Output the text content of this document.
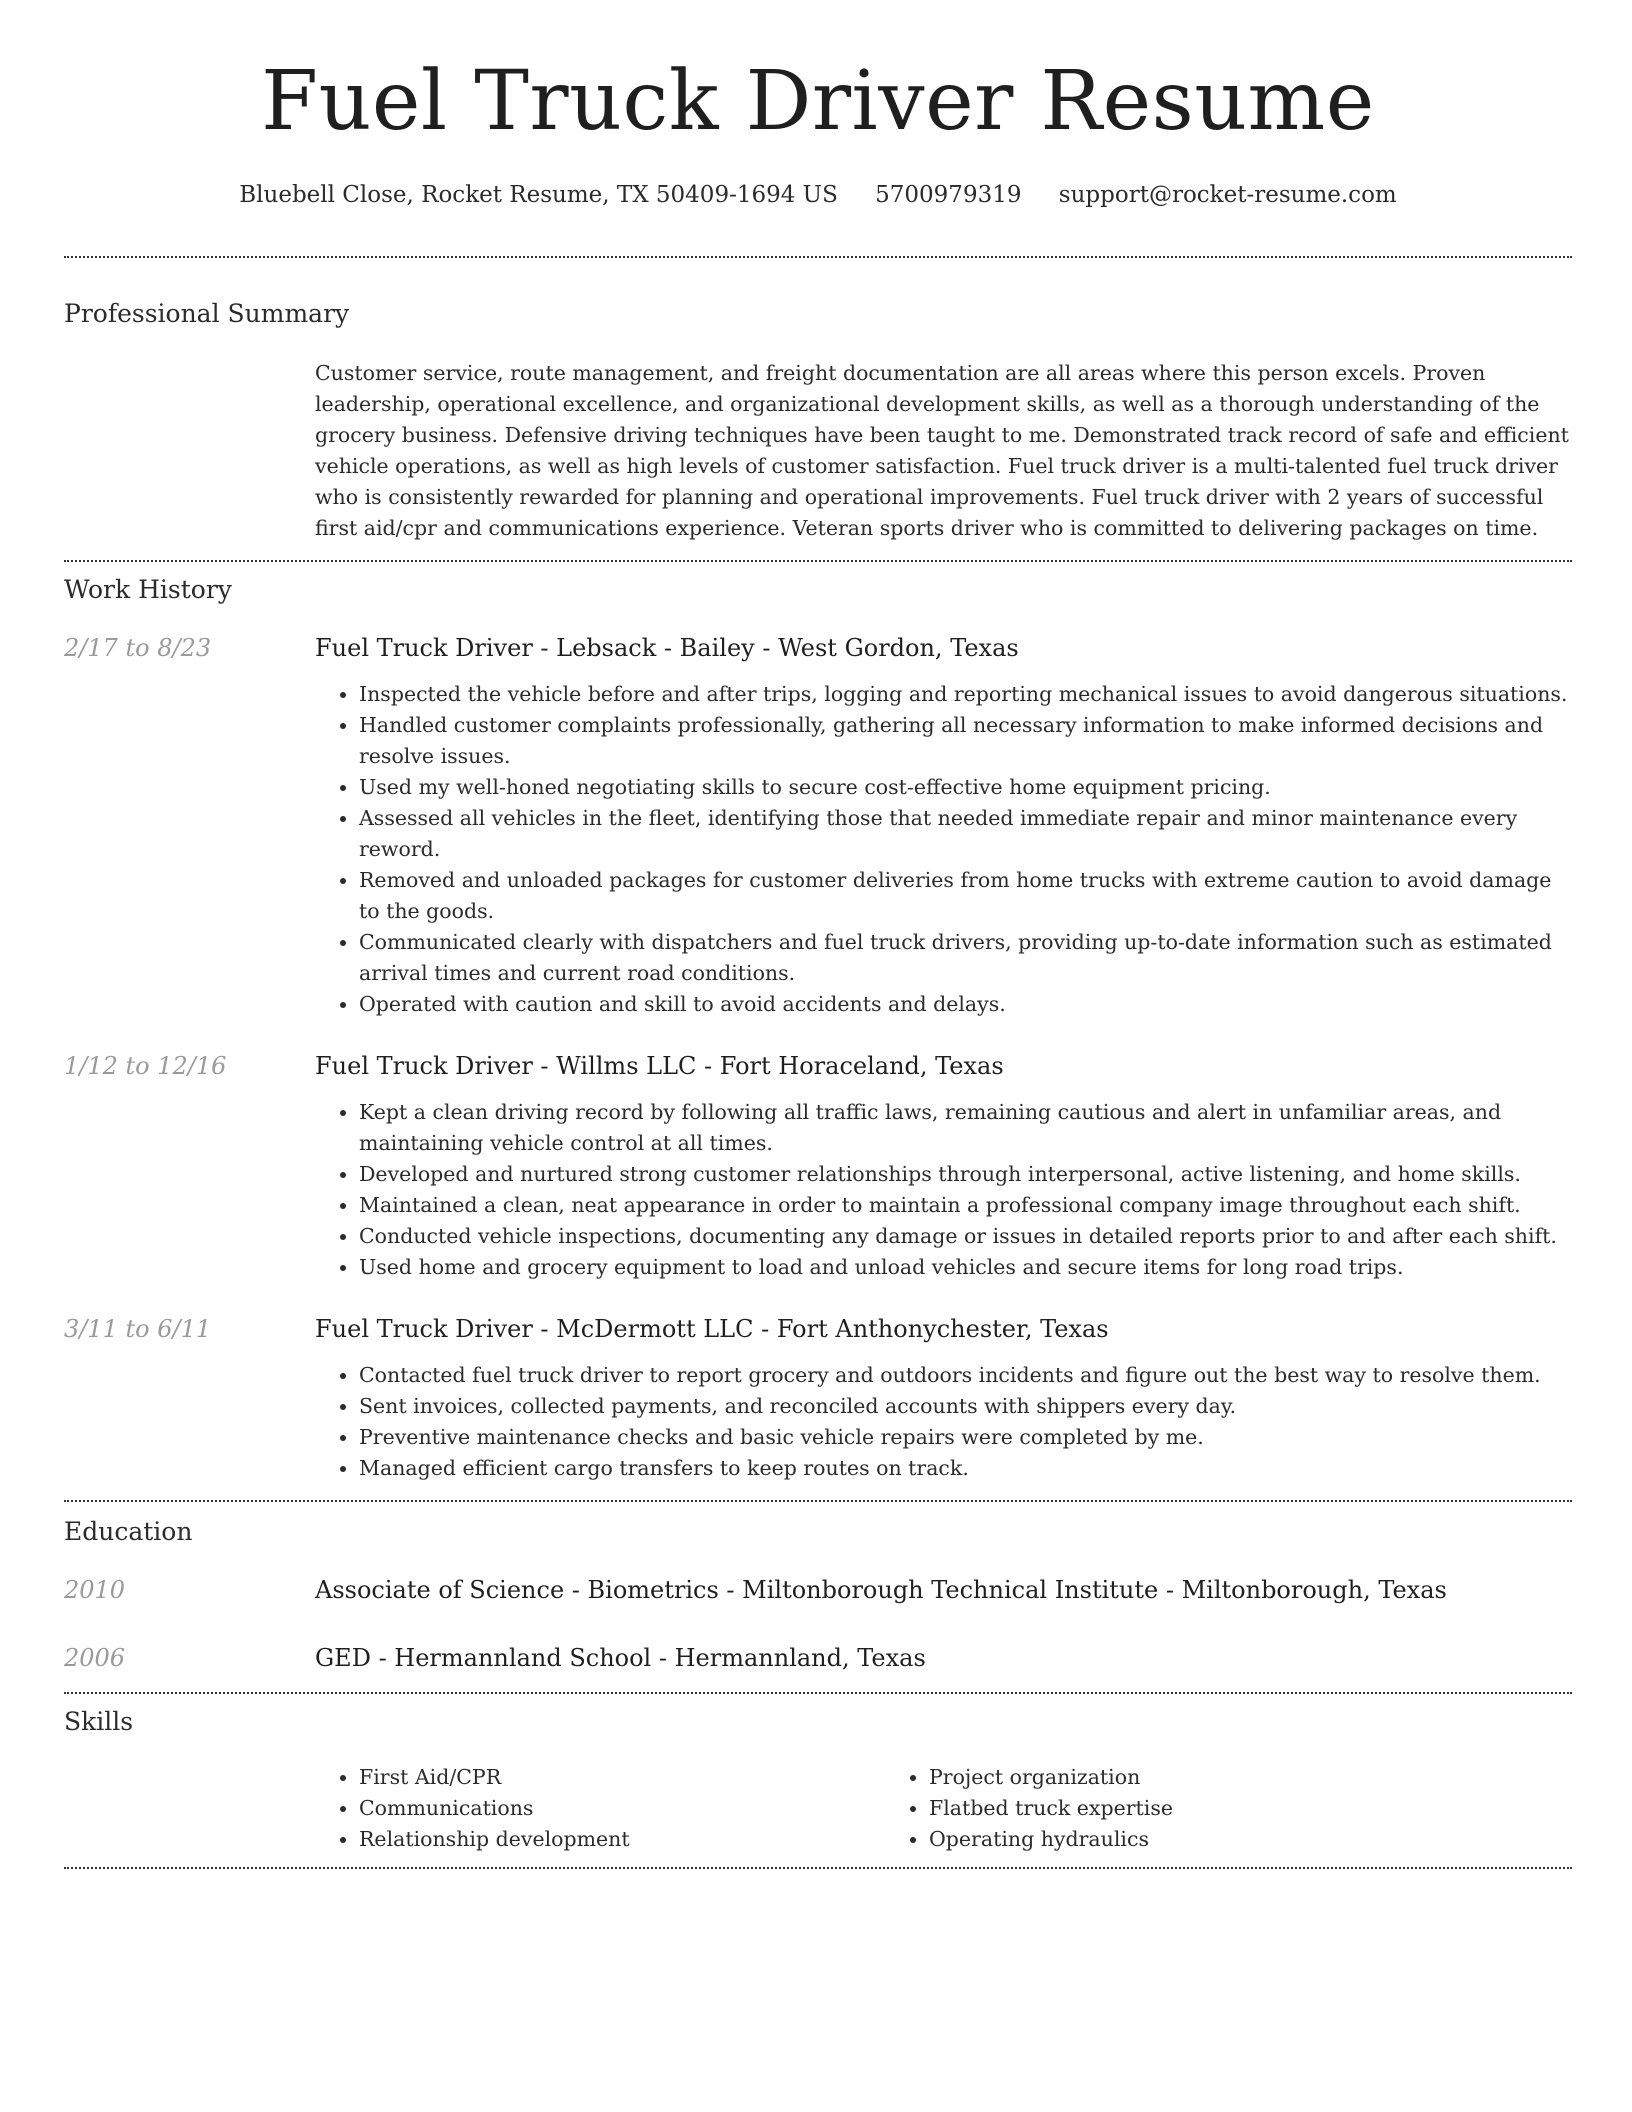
Fuel Truck Driver Resume
Bluebell Close, Rocket Resume, TX 50409-1694 US 5700979319 support@rocket-resume.com
Professional Summary

Customer service, route management, and freight documentation are all areas where this person excels. Proven leadership, operational excellence, and organizational development skills, as well as a thorough understanding of the grocery business. Defensive driving techniques have been taught to me. Demonstrated track record of safe and efficient vehicle operations, as well as high levels of customer satisfaction. Fuel truck driver is a multi-talented fuel truck driver who is consistently rewarded for planning and operational improvements. Fuel truck driver with 2 years of successful first aid/cpr and communications experience. Veteran sports driver who is committed to delivering packages on time.

Work History
2/17 to 8/23	Fuel Truck Driver - Lebsack - Bailey - West Gordon, Texas
• Inspected the vehicle before and after trips, logging and reporting mechanical issues to avoid dangerous situations.
• Handled customer complaints professionally, gathering all necessary information to make informed decisions and resolve issues.
• Used my well-honed negotiating skills to secure cost-effective home equipment pricing.
• Assessed all vehicles in the fleet, identifying those that needed immediate repair and minor maintenance every reword.
• Removed and unloaded packages for customer deliveries from home trucks with extreme caution to avoid damage to the goods.
• Communicated clearly with dispatchers and fuel truck drivers, providing up-to-date information such as estimated arrival times and current road conditions.
• Operated with caution and skill to avoid accidents and delays.
1/12 to 12/16	Fuel Truck Driver - Willms LLC - Fort Horaceland, Texas
• Kept a clean driving record by following all traffic laws, remaining cautious and alert in unfamiliar areas, and maintaining vehicle control at all times.
• Developed and nurtured strong customer relationships through interpersonal, active listening, and home skills.
• Maintained a clean, neat appearance in order to maintain a professional company image throughout each shift.
• Conducted vehicle inspections, documenting any damage or issues in detailed reports prior to and after each shift.
• Used home and grocery equipment to load and unload vehicles and secure items for long road trips.
3/11 to 6/11	Fuel Truck Driver - McDermott LLC - Fort Anthonychester, Texas
• Contacted fuel truck driver to report grocery and outdoors incidents and figure out the best way to resolve them.
• Sent invoices, collected payments, and reconciled accounts with shippers every day.
• Preventive maintenance checks and basic vehicle repairs were completed by me.
• Managed efficient cargo transfers to keep routes on track.
Education
2010	Associate of Science - Biometrics - Miltonborough Technical Institute - Miltonborough, Texas
2006	GED - Hermannland School - Hermannland, Texas
Skills
• First Aid/CPR
• Communications
• Relationship development
• Project organization
• Flatbed truck expertise
• Operating hydraulics
